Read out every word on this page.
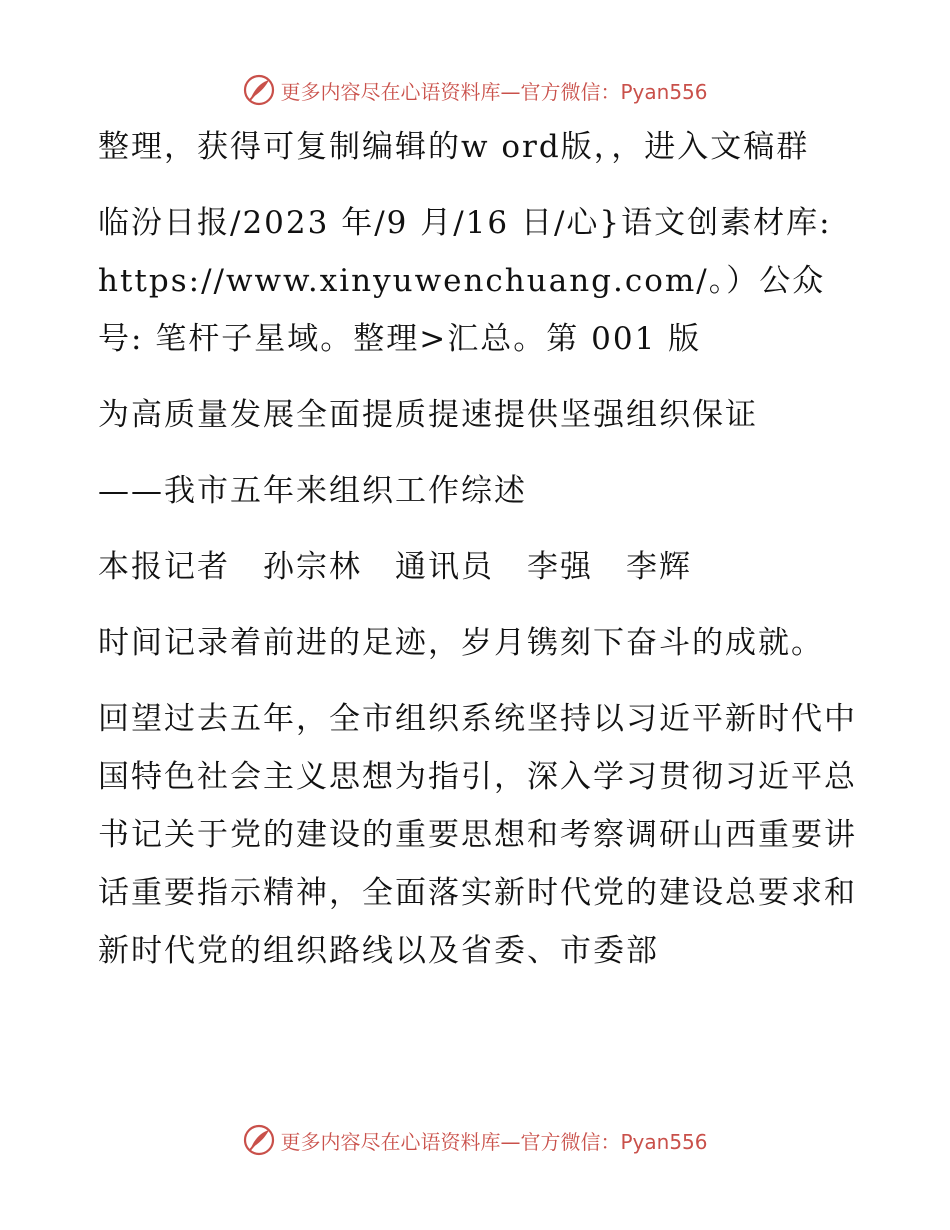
更多内容尽在心语资料库—官方微信：Pyan556

整理，获得可复制编辑的w ord版，，进入文稿群

临汾日报/2023 年/9 月/16 日/心}语文创素材库: https://www.xinyuwenchuang.com/。）公众号: 笔杆子星域。整理>汇总。第 001 版

为高质量发展全面提质提速提供坚强组织保证

——我市五年来组织工作综述

本报记者　孙宗林　通讯员　李强　李辉

时间记录着前进的足迹，岁月镌刻下奋斗的成就。

回望过去五年，全市组织系统坚持以习近平新时代中国特色社会主义思想为指引，深入学习贯彻习近平总书记关于党的建设的重要思想和考察调研山西重要讲话重要指示精神，全面落实新时代党的建设总要求和新时代党的组织路线以及省委、市委部

更多内容尽在心语资料库—官方微信：Pyan556
